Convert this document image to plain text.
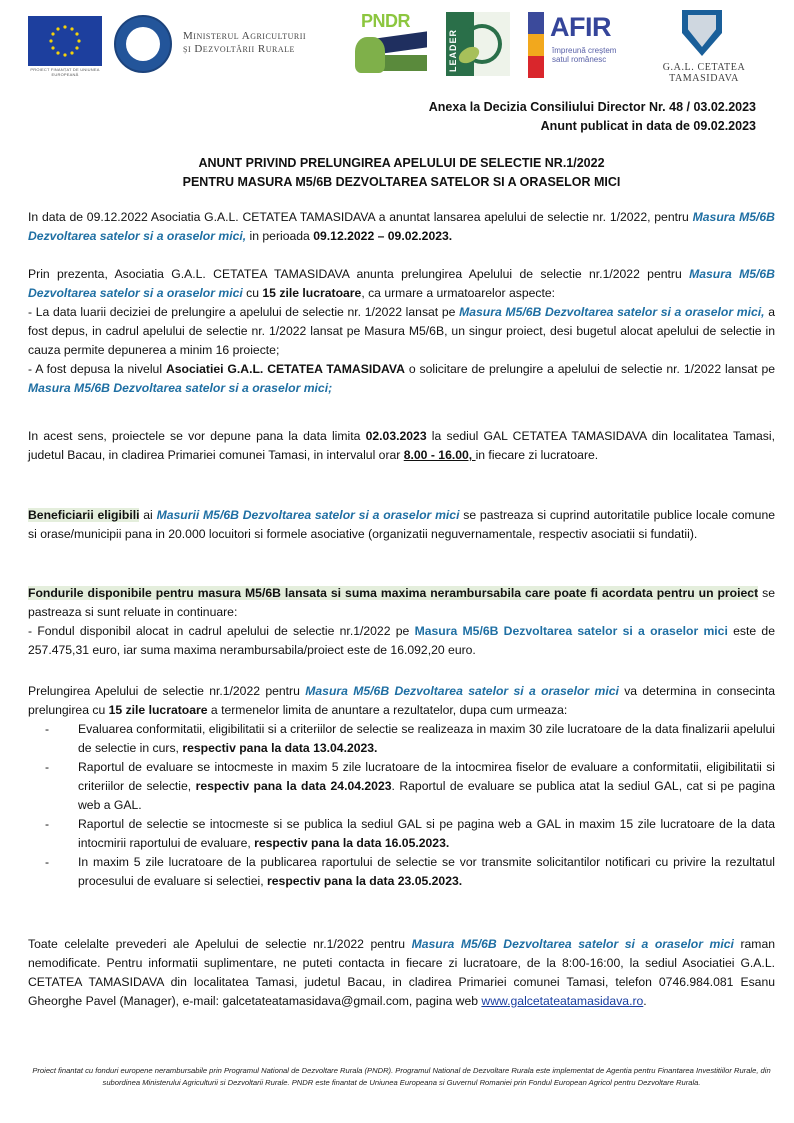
PROIECT FINANȚAT DE UNIUNEA EUROPEANĂ
Ministerul Agriculturii
și Dezvoltării Rurale
PNDR
LEADER
AFIR
împreună creștem
satul românesc
G.A.L. CETATEA TAMASIDAVA
Anexa la Decizia Consiliului Director Nr. 48 / 03.02.2023
Anunt publicat in data de 09.02.2023
ANUNT PRIVIND PRELUNGIREA APELULUI DE SELECTIE NR.1/2022
PENTRU MASURA M5/6B DEZVOLTAREA SATELOR SI A ORASELOR MICI
In data de 09.12.2022 Asociatia G.A.L. CETATEA TAMASIDAVA a anuntat lansarea apelului de selectie nr. 1/2022, pentru Masura M5/6B Dezvoltarea satelor si a oraselor mici, in perioada 09.12.2022 – 09.02.2023.
Prin prezenta, Asociatia G.A.L. CETATEA TAMASIDAVA anunta prelungirea Apelului de selectie nr.1/2022 pentru Masura M5/6B Dezvoltarea satelor si a oraselor mici cu 15 zile lucratoare, ca urmare a urmatoarelor aspecte:
- La data luarii deciziei de prelungire a apelului de selectie nr. 1/2022 lansat pe Masura M5/6B Dezvoltarea satelor si a oraselor mici, a fost depus, in cadrul apelului de selectie nr. 1/2022 lansat pe Masura M5/6B, un singur proiect, desi bugetul alocat apelului de selectie in cauza permite depunerea a minim 16 proiecte;
- A fost depusa la nivelul Asociatiei G.A.L. CETATEA TAMASIDAVA o solicitare de prelungire a apelului de selectie nr. 1/2022 lansat pe Masura M5/6B Dezvoltarea satelor si a oraselor mici;
In acest sens, proiectele se vor depune pana la data limita 02.03.2023 la sediul GAL CETATEA TAMASIDAVA din localitatea Tamasi, judetul Bacau, in cladirea Primariei comunei Tamasi, in intervalul orar 8.00 - 16.00, in fiecare zi lucratoare.
Beneficiarii eligibili ai Masurii M5/6B Dezvoltarea satelor si a oraselor mici se pastreaza si cuprind autoritatile publice locale comune si orase/municipii pana in 20.000 locuitori si formele asociative (organizatii neguvernamentale, respectiv asociatii si fundatii).
Fondurile disponibile pentru masura M5/6B lansata si suma maxima nerambursabila care poate fi acordata pentru un proiect se pastreaza si sunt reluate in continuare:
- Fondul disponibil alocat in cadrul apelului de selectie nr.1/2022 pe Masura M5/6B Dezvoltarea satelor si a oraselor mici este de 257.475,31 euro, iar suma maxima nerambursabila/proiect este de 16.092,20 euro.
Prelungirea Apelului de selectie nr.1/2022 pentru Masura M5/6B Dezvoltarea satelor si a oraselor mici va determina in consecinta prelungirea cu 15 zile lucratoare a termenelor limita de anuntare a rezultatelor, dupa cum urmeaza:
- Evaluarea conformitatii, eligibilitatii si a criteriilor de selectie se realizeaza in maxim 30 zile lucratoare de la data finalizarii apelului de selectie in curs, respectiv pana la data 13.04.2023.
- Raportul de evaluare se intocmeste in maxim 5 zile lucratoare de la intocmirea fiselor de evaluare a conformitatii, eligibilitatii si criteriilor de selectie, respectiv pana la data 24.04.2023. Raportul de evaluare se publica atat la sediul GAL, cat si pe pagina web a GAL.
- Raportul de selectie se intocmeste si se publica la sediul GAL si pe pagina web a GAL in maxim 15 zile lucratoare de la data intocmirii raportului de evaluare, respectiv pana la data 16.05.2023.
- In maxim 5 zile lucratoare de la publicarea raportului de selectie se vor transmite solicitantilor notificari cu privire la rezultatul procesului de evaluare si selectiei, respectiv pana la data 23.05.2023.
Toate celelalte prevederi ale Apelului de selectie nr.1/2022 pentru Masura M5/6B Dezvoltarea satelor si a oraselor mici raman nemodificate. Pentru informatii suplimentare, ne puteti contacta in fiecare zi lucratoare, de la 8:00-16:00, la sediul Asociatiei G.A.L. CETATEA TAMASIDAVA din localitatea Tamasi, judetul Bacau, in cladirea Primariei comunei Tamasi, telefon 0746.984.081 Esanu Gheorghe Pavel (Manager), e-mail: galcetateatamasidava@gmail.com, pagina web www.galcetateatamasidava.ro.
Proiect finantat cu fonduri europene nerambursabile prin Programul National de Dezvoltare Rurala (PNDR). Programul National de Dezvoltare Rurala este implementat de Agentia pentru Finantarea Investitiilor Rurale, din subordinea Ministerului Agriculturii si Dezvoltarii Rurale. PNDR este finantat de Uniunea Europeana si Guvernul Romaniei prin Fondul European Agricol pentru Dezvoltare Rurala.
